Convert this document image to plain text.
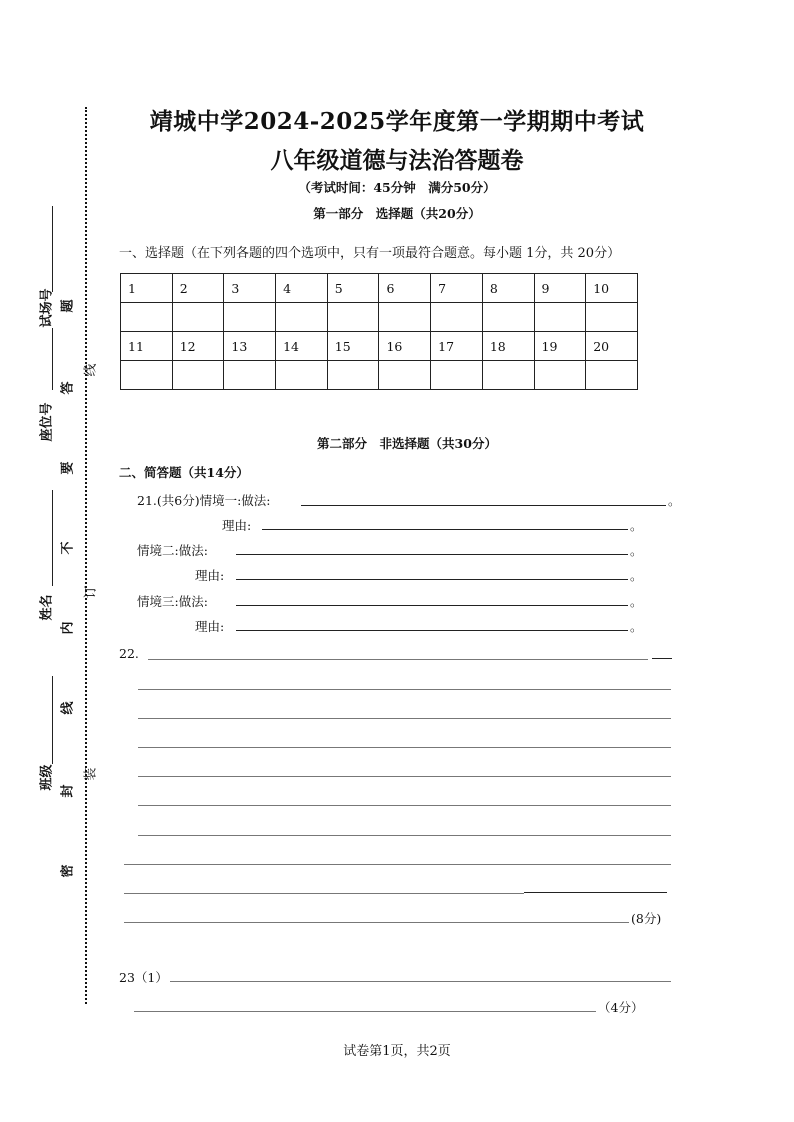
试场号
座位号
姓名
班级
题
答
要
不
内
线
封
密
线
订
装
靖城中学2024-2025学年度第一学期期中考试
八年级道德与法治答题卷
（考试时间：45分钟　满分50分）
第一部分　选择题（共20分）
一、选择题（在下列各题的四个选项中，只有一项最符合题意。每小题 1分，共 20分）
1	2	3	4	5	6	7	8	9	10

11	12	13	14	15	16	17	18	19	20

第二部分　非选择题（共30分）
二、简答题（共14分）
21.(共6分)情境一:做法:	。
理由:	。
情境二:做法:	。
理由:	。
情境三:做法:	。
理由:	。
22.
(8分)
23（1）
（4分）
试卷第1页，共2页
